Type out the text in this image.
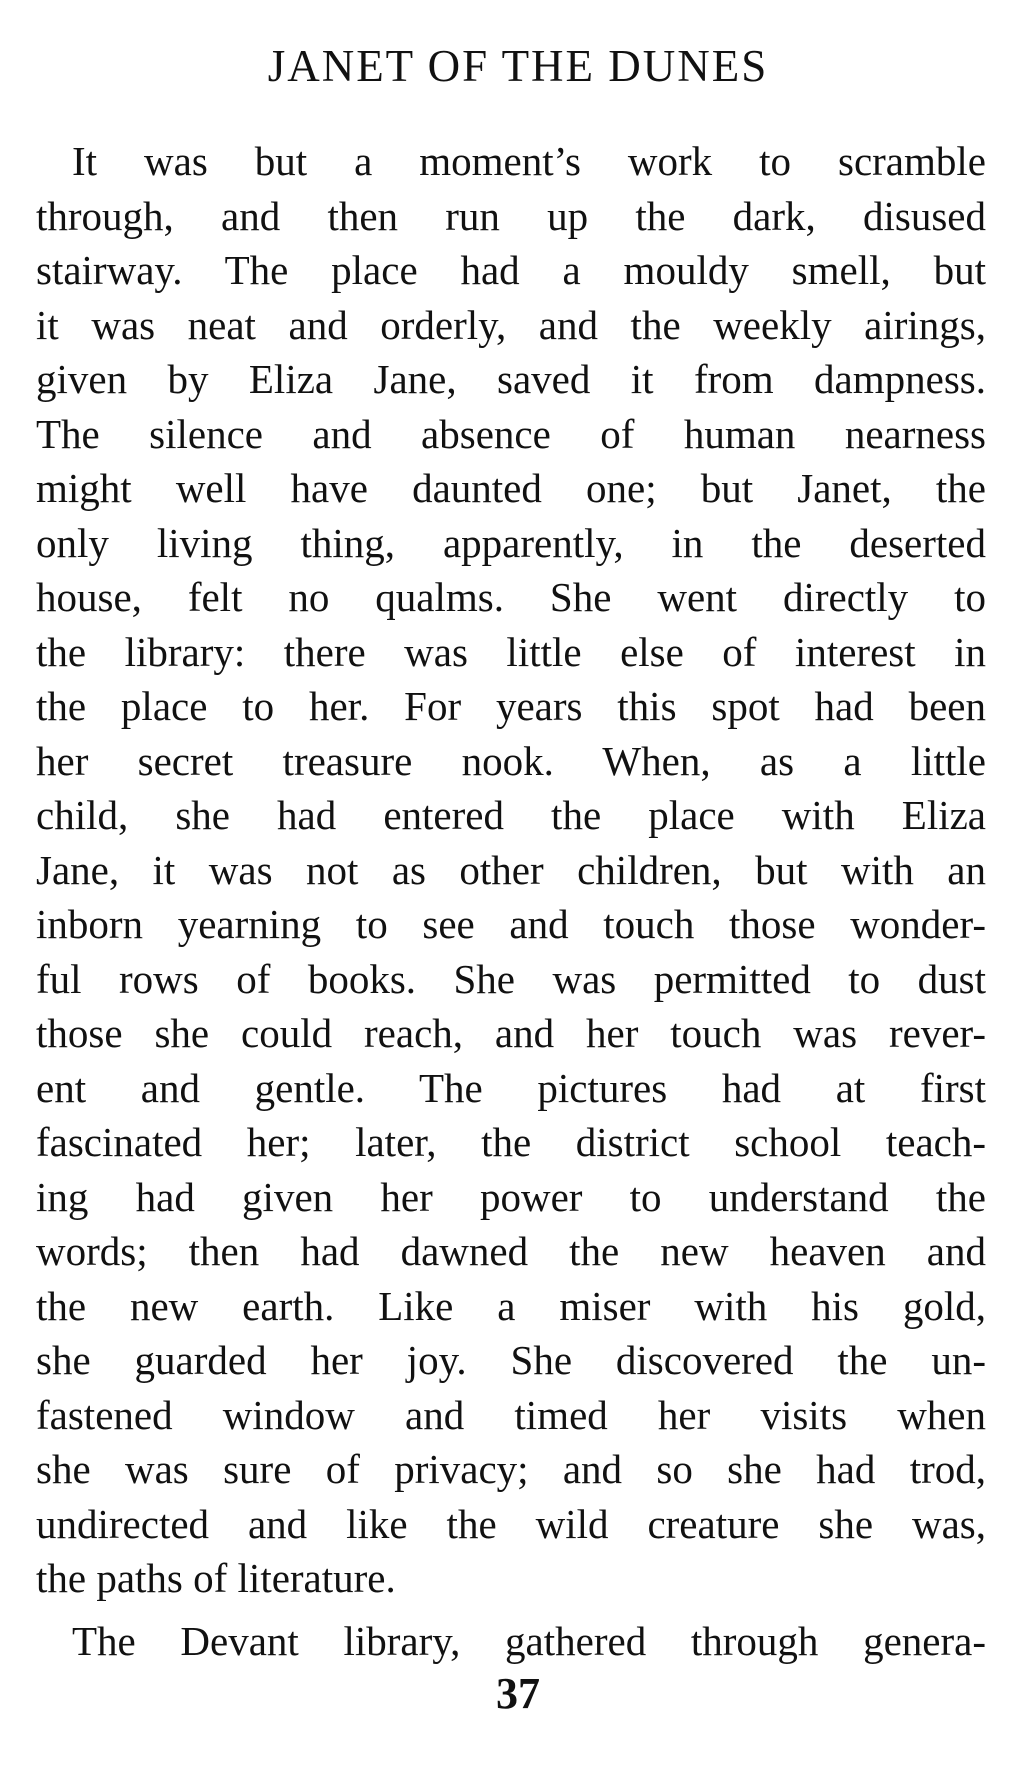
JANET OF THE DUNES
It was but a moment’s work to scramble
through, and then run up the dark, disused
stairway. The place had a mouldy smell, but
it was neat and orderly, and the weekly airings,
given by Eliza Jane, saved it from dampness.
The silence and absence of human nearness
might well have daunted one; but Janet, the
only living thing, apparently, in the deserted
house, felt no qualms. She went directly to
the library: there was little else of interest in
the place to her. For years this spot had been
her secret treasure nook. When, as a little
child, she had entered the place with Eliza
Jane, it was not as other children, but with an
inborn yearning to see and touch those wonder-
ful rows of books. She was permitted to dust
those she could reach, and her touch was rever-
ent and gentle. The pictures had at first
fascinated her; later, the district school teach-
ing had given her power to understand the
words; then had dawned the new heaven and
the new earth. Like a miser with his gold,
she guarded her joy. She discovered the un-
fastened window and timed her visits when
she was sure of privacy; and so she had trod,
undirected and like the wild creature she was,
the paths of literature.
The Devant library, gathered through genera-
37
